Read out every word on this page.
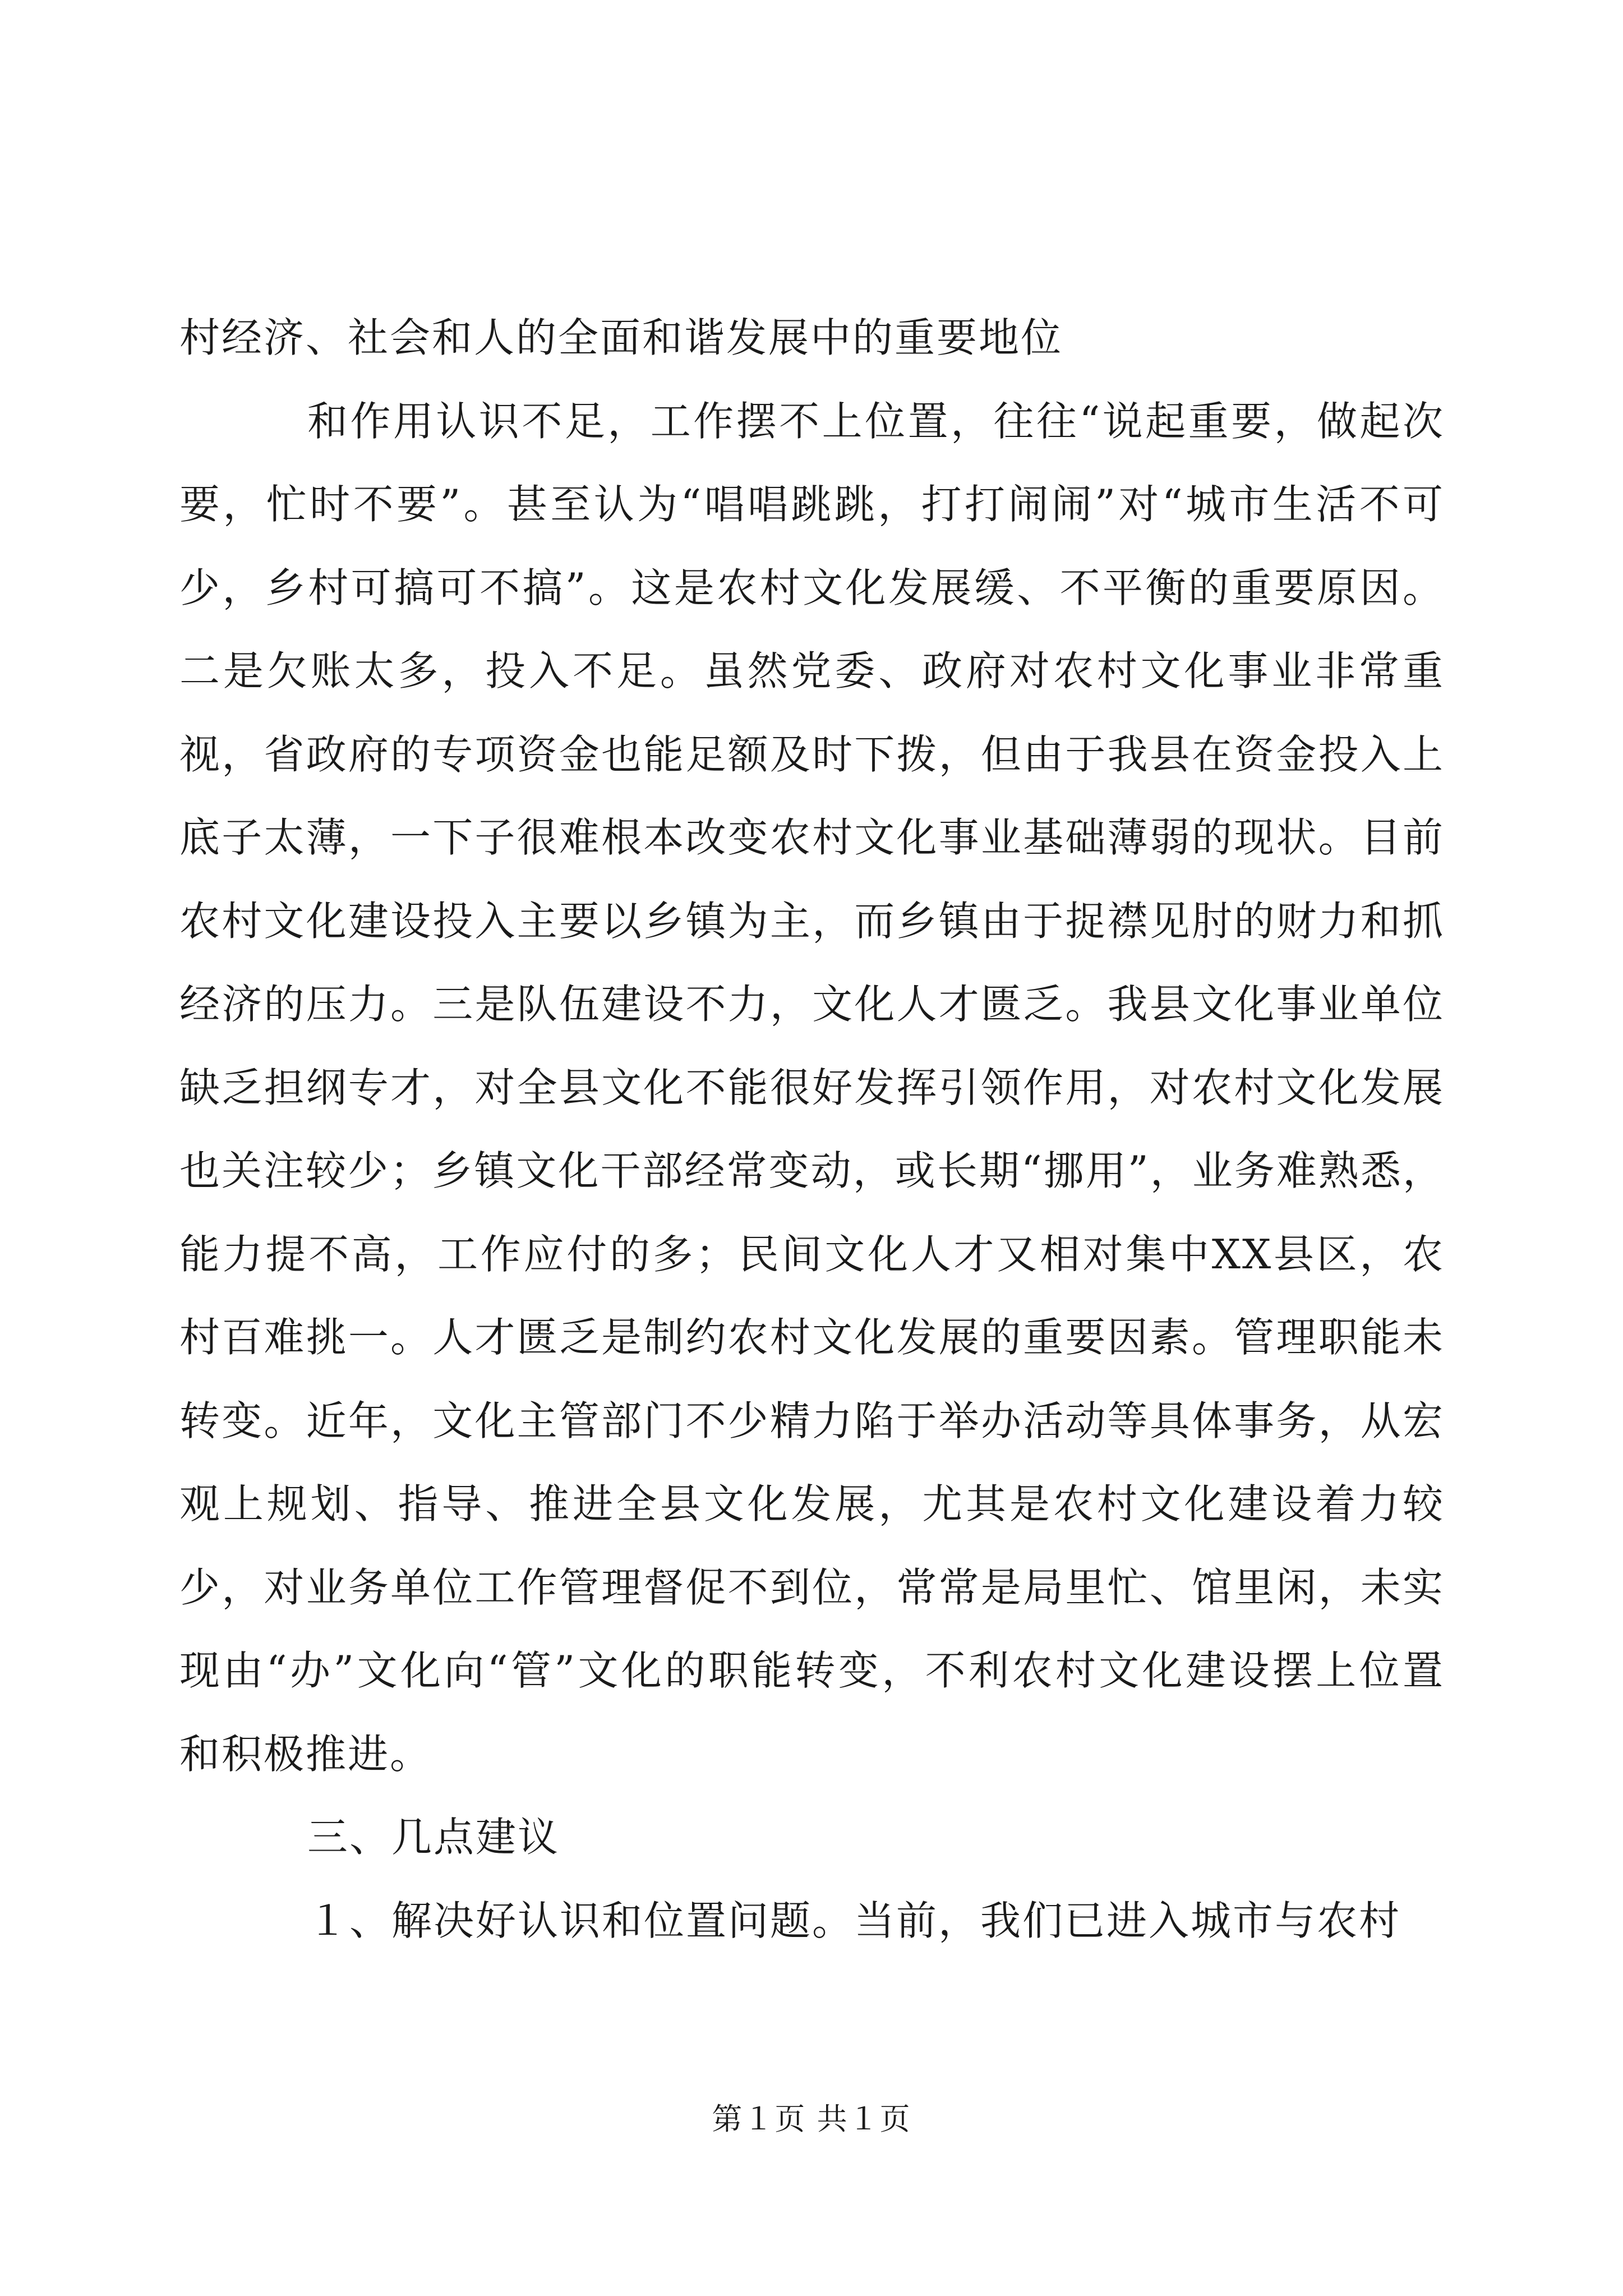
村经济、社会和人的全面和谐发展中的重要地位

和作用认识不足，工作摆不上位置，往往“说起重要，做起次要，忙时不要”。甚至认为“唱唱跳跳，打打闹闹”对“城市生活不可少，乡村可搞可不搞”。这是农村文化发展缓、不平衡的重要原因。二是欠账太多，投入不足。虽然党委、政府对农村文化事业非常重视，省政府的专项资金也能足额及时下拨，但由于我县在资金投入上底子太薄，一下子很难根本改变农村文化事业基础薄弱的现状。目前农村文化建设投入主要以乡镇为主，而乡镇由于捉襟见肘的财力和抓经济的压力。三是队伍建设不力，文化人才匮乏。我县文化事业单位缺乏担纲专才，对全县文化不能很好发挥引领作用，对农村文化发展也关注较少；乡镇文化干部经常变动，或长期“挪用”，业务难熟悉，能力提不高，工作应付的多；民间文化人才又相对集中XX县区，农村百难挑一。人才匮乏是制约农村文化发展的重要因素。管理职能未转变。近年，文化主管部门不少精力陷于举办活动等具体事务，从宏观上规划、指导、推进全县文化发展，尤其是农村文化建设着力较少，对业务单位工作管理督促不到位，常常是局里忙、馆里闲，未实现由“办”文化向“管”文化的职能转变，不利农村文化建设摆上位置和积极推进。

三、几点建议

１、解决好认识和位置问题。当前，我们已进入城市与农村

第１页 共１页
